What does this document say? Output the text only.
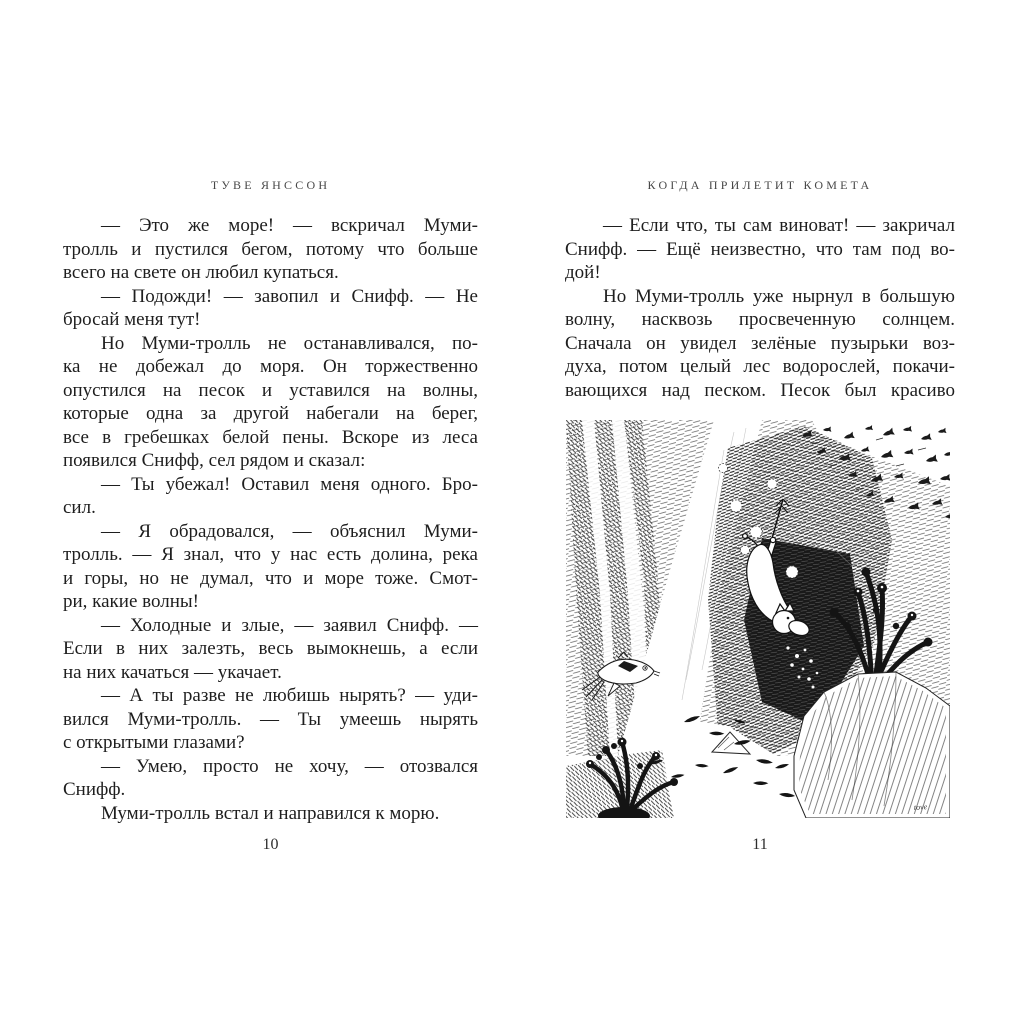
ТУВЕ ЯНССОН
— Это же море! — вскричал Муми-
тролль и пустился бегом, потому что больше
всего на свете он любил купаться.
— Подожди! — завопил и Снифф. — Не
бросай меня тут!
Но Муми-тролль не останавливался, по-
ка не добежал до моря. Он торжественно
опустился на песок и уставился на волны,
которые одна за другой набегали на берег,
все в гребешках белой пены. Вскоре из леса
появился Снифф, сел рядом и сказал:
— Ты убежал! Оставил меня одного. Бро-
сил.
— Я обрадовался, — объяснил Муми-
тролль. — Я знал, что у нас есть долина, река
и горы, но не думал, что и море тоже. Смот-
ри, какие волны!
— Холодные и злые, — заявил Снифф. —
Если в них залезть, весь вымокнешь, а если
на них качаться — укачает.
— А ты разве не любишь нырять? — уди-
вился Муми-тролль. — Ты умеешь нырять
с открытыми глазами?
— Умею, просто не хочу, — отозвался
Снифф.
Муми-тролль встал и направился к морю.
10
КОГДА ПРИЛЕТИТ КОМЕТА
— Если что, ты сам виноват! — закричал
Снифф. — Ещё неизвестно, что там под во-
дой!
Но Муми-тролль уже нырнул в большую
волну, насквозь просвеченную солнцем.
Сначала он увидел зелёные пузырьки воз-
духа, потом целый лес водорослей, покачи-
вающихся над песком. Песок был красиво
11
tove
